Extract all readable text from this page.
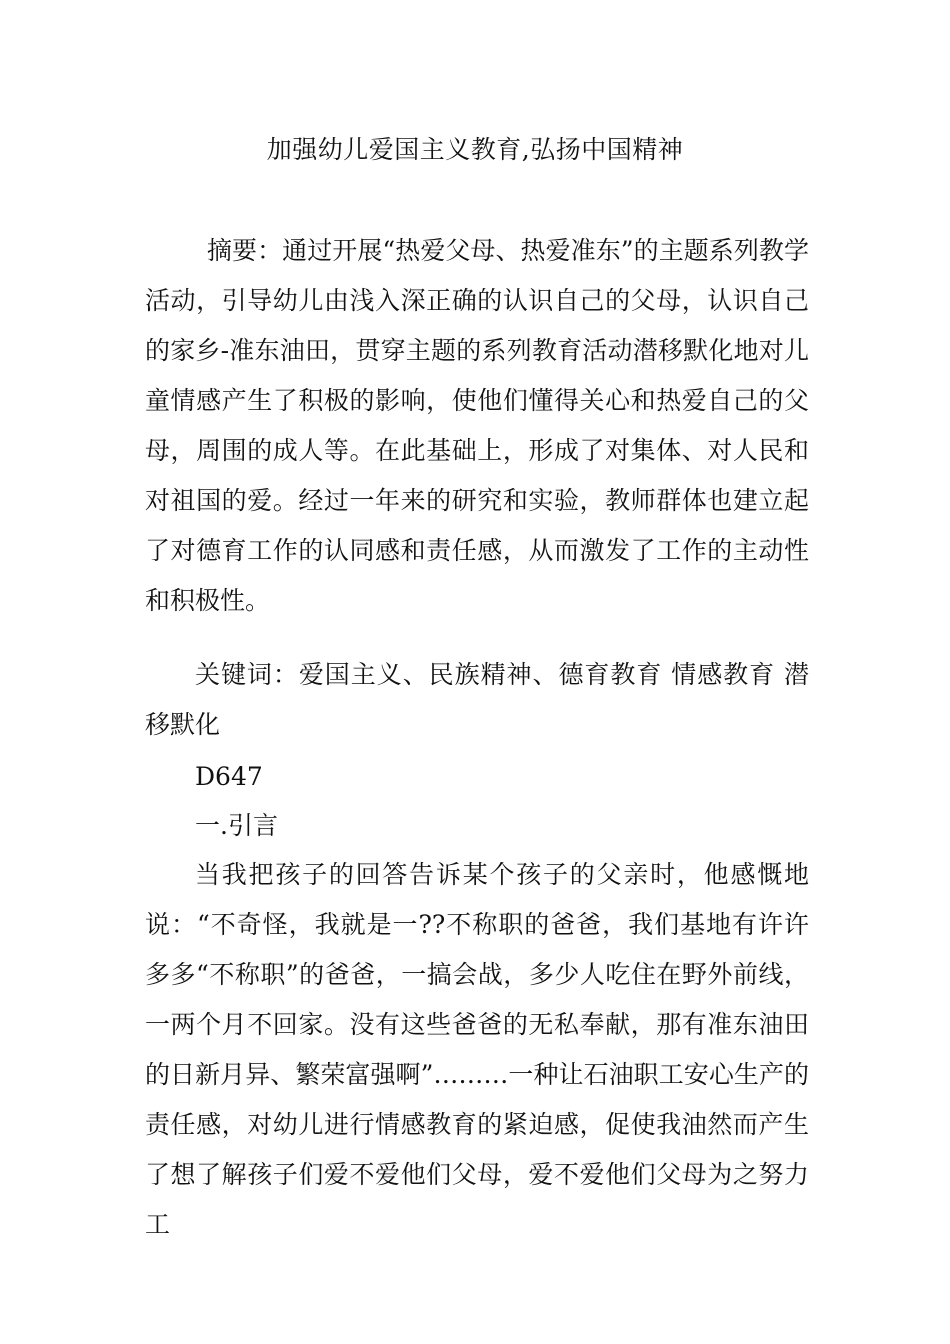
加强幼儿爱国主义教育,弘扬中国精神
摘要：通过开展“热爱父母、热爱准东”的主题系列教学活动，引导幼儿由浅入深正确的认识自己的父母，认识自己的家乡-准东油田，贯穿主题的系列教育活动潜移默化地对儿童情感产生了积极的影响，使他们懂得关心和热爱自己的父母，周围的成人等。在此基础上，形成了对集体、对人民和对祖国的爱。经过一年来的研究和实验，教师群体也建立起了对德育工作的认同感和责任感，从而激发了工作的主动性和积极性。
关键词：爱国主义、民族精神、德育教育 情感教育 潜移默化
D647
一.引言
当我把孩子的回答告诉某个孩子的父亲时，他感慨地说：“不奇怪，我就是一??不称职的爸爸，我们基地有许许多多“不称职”的爸爸，一搞会战，多少人吃住在野外前线，一两个月不回家。没有这些爸爸的无私奉献，那有准东油田的日新月异、繁荣富强啊”………一种让石油职工安心生产的责任感，对幼儿进行情感教育的紧迫感，促使我油然而产生了想了解孩子们爱不爱他们父母，爱不爱他们父母为之努力工
